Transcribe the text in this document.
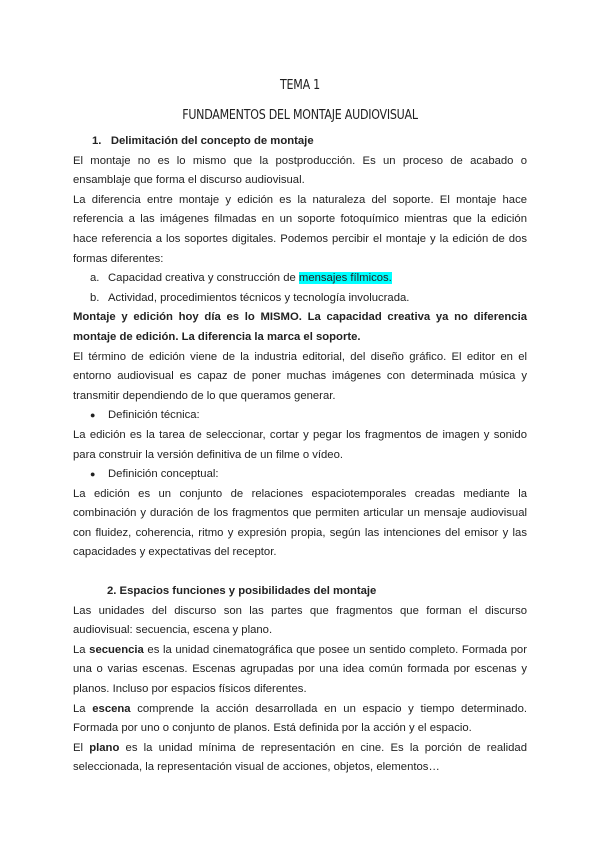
TEMA 1
FUNDAMENTOS DEL MONTAJE AUDIOVISUAL

1. Delimitación del concepto de montaje

El montaje no es lo mismo que la postproducción. Es un proceso de acabado o ensamblaje que forma el discurso audiovisual.

La diferencia entre montaje y edición es la naturaleza del soporte. El montaje hace referencia a las imágenes filmadas en un soporte fotoquímico mientras que la edición hace referencia a los soportes digitales. Podemos percibir el montaje y la edición de dos formas diferentes:

a. Capacidad creativa y construcción de mensajes fílmicos.

b. Actividad, procedimientos técnicos y tecnología involucrada.

Montaje y edición hoy día es lo MISMO. La capacidad creativa ya no diferencia montaje de edición. La diferencia la marca el soporte.

El término de edición viene de la industria editorial, del diseño gráfico. El editor en el entorno audiovisual es capaz de poner muchas imágenes con determinada música y transmitir dependiendo de lo que queramos generar.

● Definición técnica:

La edición es la tarea de seleccionar, cortar y pegar los fragmentos de imagen y sonido para construir la versión definitiva de un filme o vídeo.

● Definición conceptual:

La edición es un conjunto de relaciones espaciotemporales creadas mediante la combinación y duración de los fragmentos que permiten articular un mensaje audiovisual con fluidez, coherencia, ritmo y expresión propia, según las intenciones del emisor y las capacidades y expectativas del receptor.

2. Espacios funciones y posibilidades del montaje

Las unidades del discurso son las partes que fragmentos que forman el discurso audiovisual: secuencia, escena y plano.

La secuencia es la unidad cinematográfica que posee un sentido completo. Formada por una o varias escenas. Escenas agrupadas por una idea común formada por escenas y planos. Incluso por espacios físicos diferentes.

La escena comprende la acción desarrollada en un espacio y tiempo determinado. Formada por uno o conjunto de planos. Está definida por la acción y el espacio.

El plano es la unidad mínima de representación en cine. Es la porción de realidad seleccionada, la representación visual de acciones, objetos, elementos…
